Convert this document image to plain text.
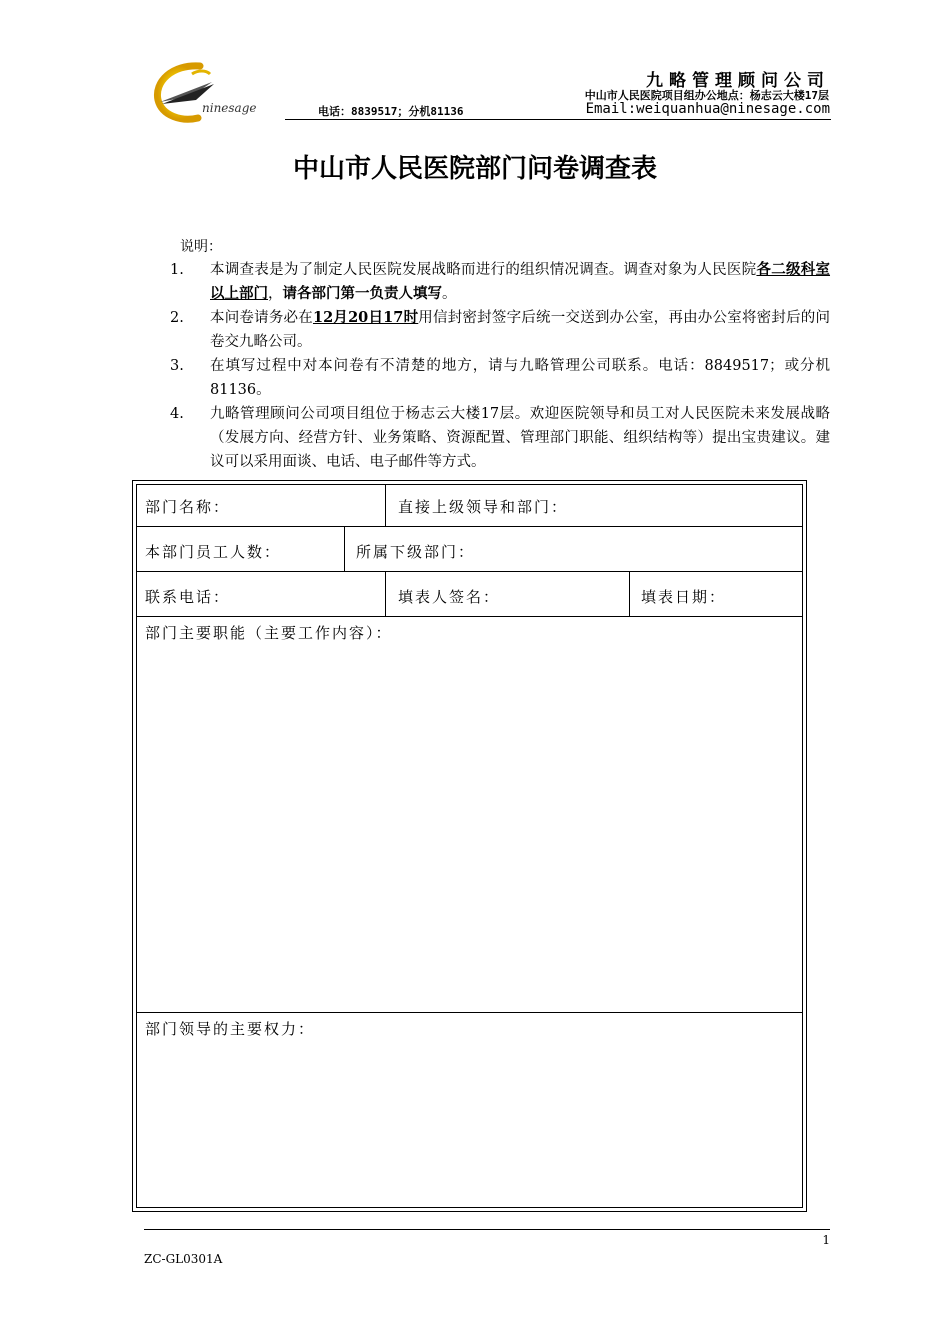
ninesage
九略管理顾问公司
中山市人民医院项目组办公地点：杨志云大楼17层
电话：8839517；分机81136	Email:weiquanhua@ninesage.com
中山市人民医院部门问卷调查表
说明：
1.	本调查表是为了制定人民医院发展战略而进行的组织情况调查。调查对象为人民医院各二级科室以上部门，请各部门第一负责人填写。
2.	本问卷请务必在12月20日17时用信封密封签字后统一交送到办公室，再由办公室将密封后的问卷交九略公司。
3.	在填写过程中对本问卷有不清楚的地方，请与九略管理公司联系。电话：8849517；或分机81136。
4.	九略管理顾问公司项目组位于杨志云大楼17层。欢迎医院领导和员工对人民医院未来发展战略（发展方向、经营方针、业务策略、资源配置、管理部门职能、组织结构等）提出宝贵建议。建议可以采用面谈、电话、电子邮件等方式。
部门名称：	直接上级领导和部门：
本部门员工人数：	所属下级部门：
联系电话：	填表人签名：	填表日期：
部门主要职能（主要工作内容）：
部门领导的主要权力：
1
ZC-GL0301A
